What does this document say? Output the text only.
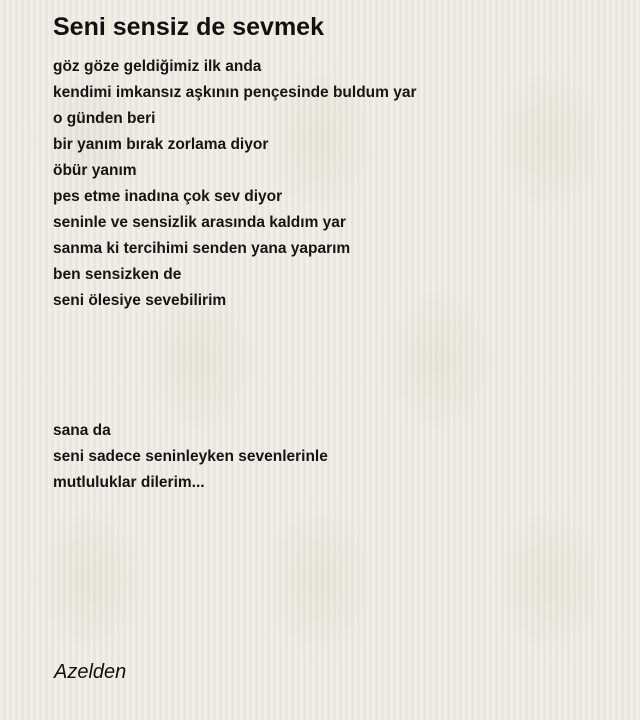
Seni sensiz de sevmek
göz göze geldiğimiz ilk anda
kendimi imkansız aşkının pençesinde buldum yar
o günden beri
bir yanım bırak zorlama diyor
öbür yanım
pes etme inadına çok sev diyor
seninle ve sensizlik arasında kaldım yar
sanma ki tercihimi senden yana yaparım
ben sensizken de
seni ölesiye sevebilirim
sana da
seni sadece seninleyken sevenlerinle
mutluluklar dilerim...
Azelden
